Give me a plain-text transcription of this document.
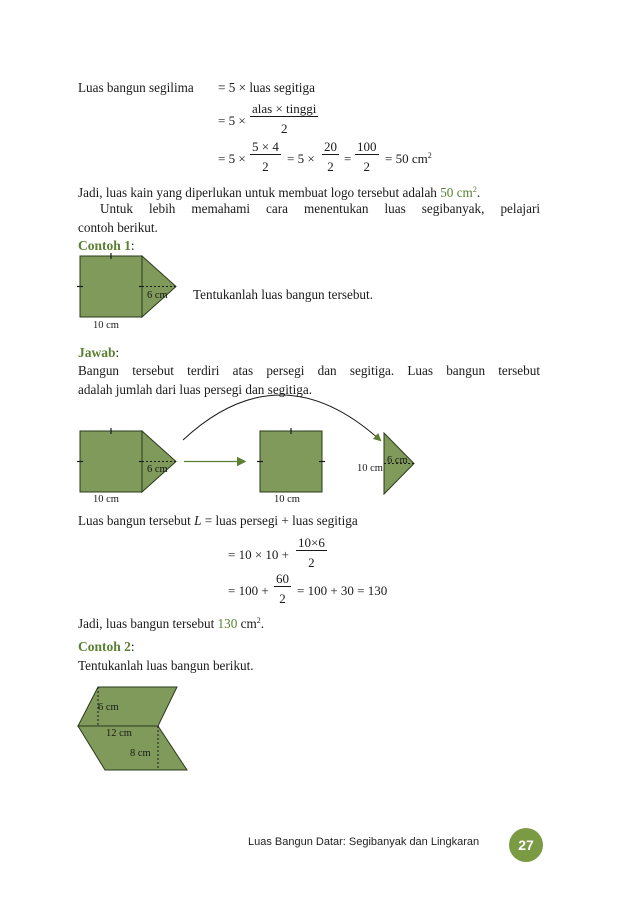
Luas bangun segilima = 5 × luas segitiga
= 5 ×
alas × tinggi
2
= $5 \times \frac{5 \times 4}{2} = 5 \times \frac{20}{2} = \frac{100}{2} = 50$ $cm^2$
Jadi, luas kain yang diperlukan untuk membuat logo tersebut adalah 50 $cm^2$.
Untuk lebih memahami cara menentukan luas segibanyak, pelajari
contoh berikut.
Contoh 1:
6 cm
10 cm
Tentukanlah luas bangun tersebut.
Jawab:
Bangun tersebut terdiri atas persegi dan segitiga. Luas bangun tersebut
adalah jumlah dari luas persegi dan segitiga.
6 cm
10 cm	10 cm
10 cm
6 cm
Luas bangun tersebut L = luas persegi + luas segitiga
= $10 \times 10 + \frac{10\times 6}{2}$
= $100 + \frac{60}{2} = 100 + 30 = 130$
Jadi, luas bangun tersebut 130 $cm^2$.
Contoh 2:
Tentukanlah luas bangun berikut.
6 cm
12 cm
8 cm
Luas Bangun Datar: Segibanyak dan Lingkaran	27
